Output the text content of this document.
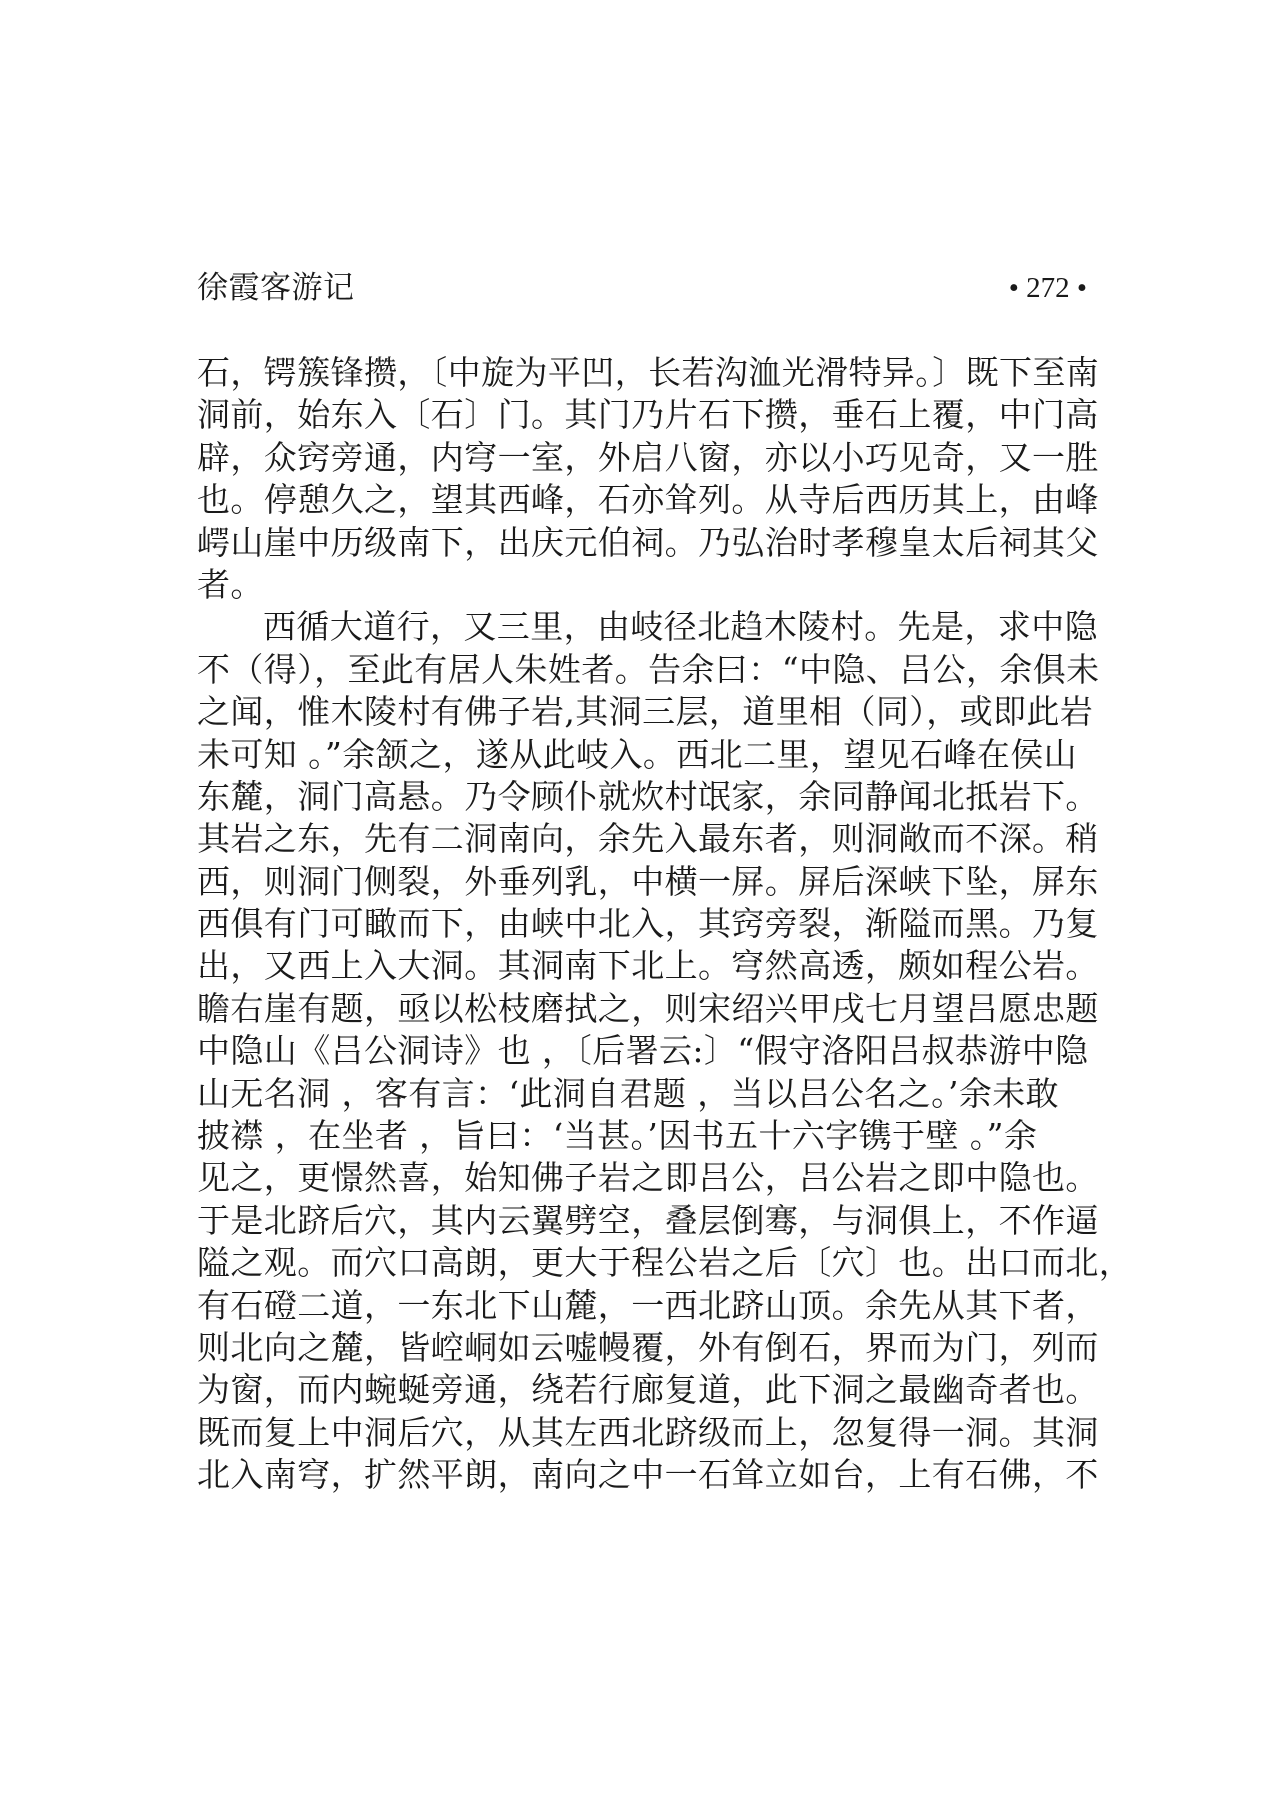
徐霞客游记	• 272 •
石，锷簇锋攒，〔中旋为平凹，长若沟洫光滑特异。〕既下至南
洞前，始东入〔石〕门。其门乃片石下攒，垂石上覆，中门高
辟，众窍旁通，内穹一室，外启八窗，亦以小巧见奇，又一胜
也。停憩久之，望其西峰，石亦耸列。从寺后西历其上，由峰
崿山崖中历级南下，出庆元伯祠。乃弘治时孝穆皇太后祠其父
者。
西循大道行，又三里，由岐径北趋木陵村。先是，求中隐
不（得），至此有居人朱姓者。告余曰：“中隐、吕公，余俱未
之闻，惟木陵村有佛子岩,其洞三层，道里相（同），或即此岩
未可知 。”余颔之，遂从此岐入。西北二里，望见石峰在侯山
东麓，洞门高悬。乃令顾仆就炊村氓家，余同静闻北抵岩下。
其岩之东，先有二洞南向，余先入最东者，则洞敞而不深。稍
西，则洞门侧裂，外垂列乳，中横一屏。屏后深峡下坠，屏东
西俱有门可瞰而下，由峡中北入，其窍旁裂，渐隘而黑。乃复
出，又西上入大洞。其洞南下北上。穹然高透，颇如程公岩。
瞻右崖有题，亟以松枝磨拭之，则宋绍兴甲戌七月望吕愿忠题
中隐山《吕公洞诗》也 ，〔后署云:〕“假守洛阳吕叔恭游中隐
山无名洞 ，客有言：‘此洞自君题 ，当以吕公名之。’余未敢
披襟 ，在坐者 ，旨曰：‘当甚。’因书五十六字镌于壁 。”余
见之，更憬然喜，始知佛子岩之即吕公，吕公岩之即中隐也。
于是北跻后穴，其内云翼劈空，叠层倒骞，与洞俱上，不作逼
隘之观。而穴口高朗，更大于程公岩之后〔穴〕也。出口而北，
有石磴二道，一东北下山麓，一西北跻山顶。余先从其下者，
则北向之麓，皆崆峒如云嘘幔覆，外有倒石，界而为门，列而
为窗，而内蜿蜒旁通，绕若行廊复道，此下洞之最幽奇者也。
既而复上中洞后穴，从其左西北跻级而上，忽复得一洞。其洞
北入南穹，扩然平朗，南向之中一石耸立如台，上有石佛，不
